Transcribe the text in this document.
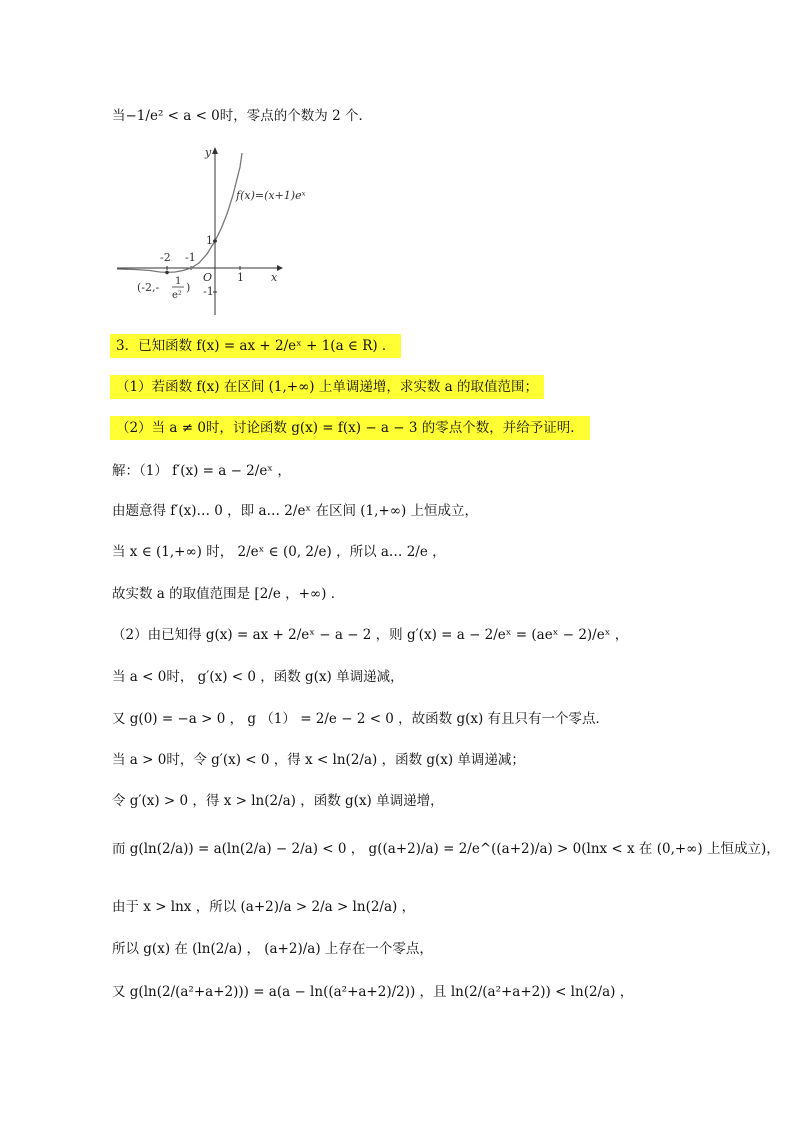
当−1/e² < a < 0时，零点的个数为 2 个．
y
x
O
-2 -1
1
1
-1
f(x)=(x+1)eˣ
(-2,- 1
e²
)
3．已知函数 f(x) = ax + 2/eˣ + 1(a ∈ R) ．
（1）若函数 f(x) 在区间 (1,+∞) 上单调递增，求实数 a 的取值范围；
（2）当 a ≠ 0时，讨论函数 g(x) = f(x) − a − 3 的零点个数，并给予证明．
解：（1） f′(x) = a − 2/eˣ ，
由题意得 f′(x)… 0 ，即 a… 2/eˣ 在区间 (1,+∞) 上恒成立，
当 x ∈ (1,+∞) 时， 2/eˣ ∈ (0, 2/e) ，所以 a… 2/e ，
故实数 a 的取值范围是 [2/e ，+∞) ．
（2）由已知得 g(x) = ax + 2/eˣ − a − 2 ，则 g′(x) = a − 2/eˣ = (aeˣ − 2)/eˣ ，
当 a < 0时， g′(x) < 0 ，函数 g(x) 单调递减，
又 g(0) = −a > 0 ， g （1） = 2/e − 2 < 0 ，故函数 g(x) 有且只有一个零点．
当 a > 0时，令 g′(x) < 0 ，得 x < ln(2/a) ，函数 g(x) 单调递减；
令 g′(x) > 0 ，得 x > ln(2/a) ，函数 g(x) 单调递增，
而 g(ln(2/a)) = a(ln(2/a) − 2/a) < 0 ， g((a+2)/a) = 2/e^((a+2)/a) > 0(lnx < x 在 (0,+∞) 上恒成立)，
由于 x > lnx ，所以 (a+2)/a > 2/a > ln(2/a) ，
所以 g(x) 在 (ln(2/a) ， (a+2)/a) 上存在一个零点，
又 g(ln(2/(a²+a+2))) = a(a − ln((a²+a+2)/2)) ，且 ln(2/(a²+a+2)) < ln(2/a) ，
